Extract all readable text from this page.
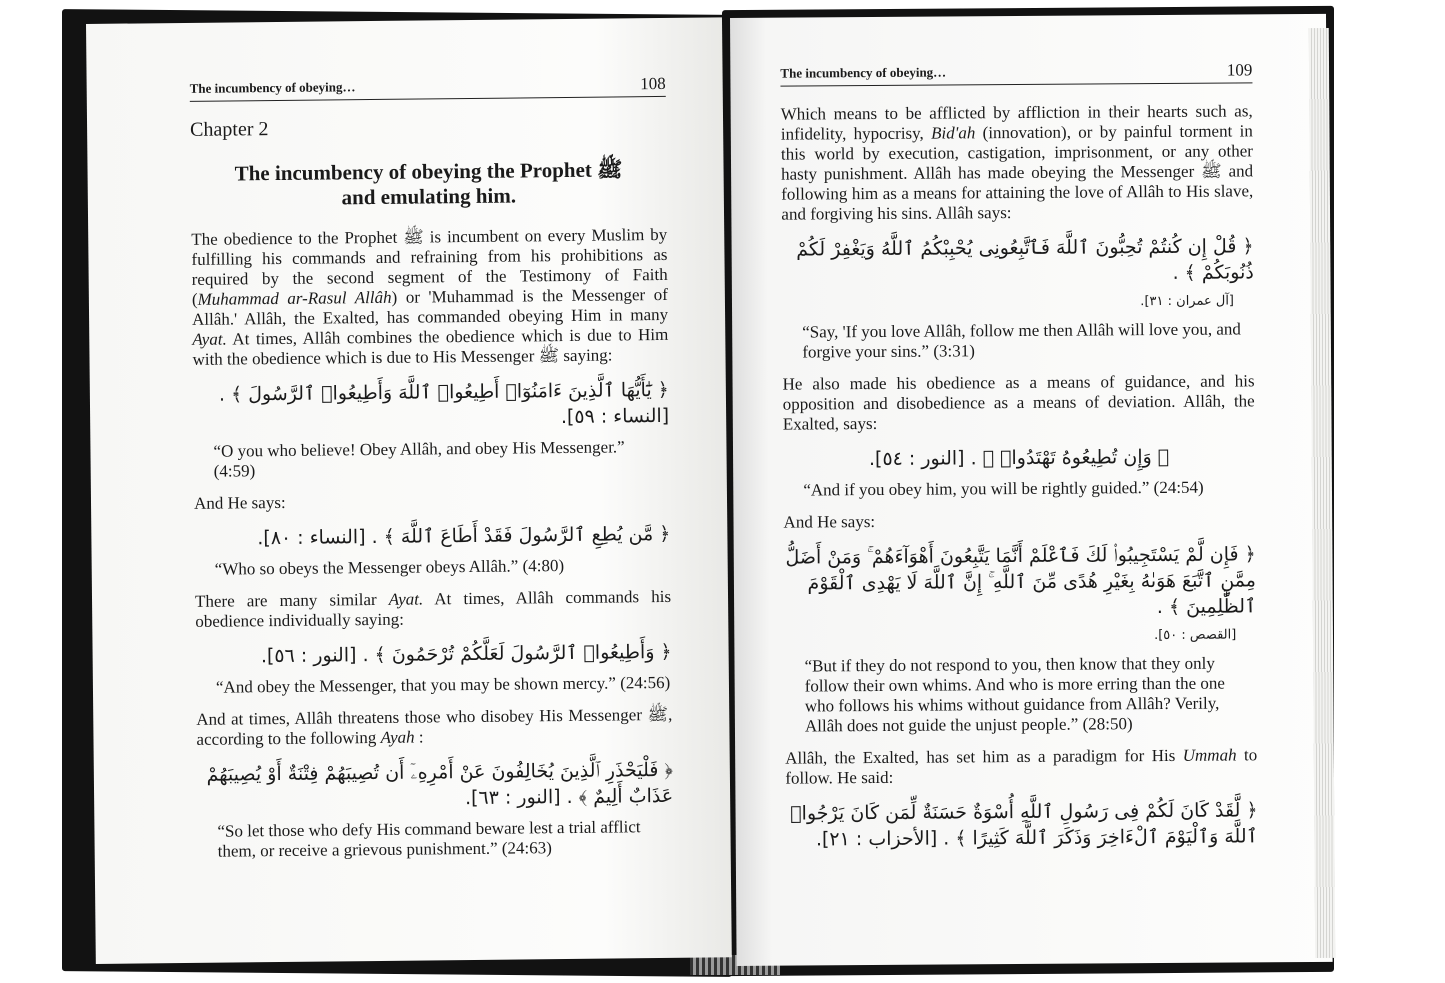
The incumbency of obeying…	108
Chapter 2
The incumbency of obeying the Prophet ﷺ
and emulating him.

The obedience to the Prophet ﷺ is incumbent on every Muslim by fulfilling his commands and refraining from his prohibitions as required by the second segment of the Testimony of Faith (Muhammad ar-Rasul Allâh) or 'Muhammad is the Messenger of Allâh.' Allâh, the Exalted, has commanded obeying Him in many Ayat. At times, Allâh combines the obedience which is due to Him with the obedience which is due to His Messenger ﷺ saying:

﴿ يَٰٓأَيُّهَا ٱلَّذِينَ ءَامَنُوٓا۟ أَطِيعُوا۟ ٱللَّهَ وَأَطِيعُوا۟ ٱلرَّسُولَ ﴾ . [النساء : ٥٩].

“O you who believe! Obey Allâh, and obey His Messenger.” (4:59)

And He says:

﴿ مَّن يُطِعِ ٱلرَّسُولَ فَقَدْ أَطَاعَ ٱللَّهَ ﴾ . [النساء : ٨٠].

“Who so obeys the Messenger obeys Allâh.” (4:80)

There are many similar Ayat. At times, Allâh commands his obedience individually saying:

﴿ وَأَطِيعُوا۟ ٱلرَّسُولَ لَعَلَّكُمْ تُرْحَمُونَ ﴾ . [النور : ٥٦].

“And obey the Messenger, that you may be shown mercy.” (24:56)

And at times, Allâh threatens those who disobey His Messenger ﷺ, according to the following Ayah :

﴿ فَلْيَحْذَرِ ٱلَّذِينَ يُخَالِفُونَ عَنْ أَمْرِهِۦٓ أَن تُصِيبَهُمْ فِتْنَةٌ أَوْ يُصِيبَهُمْ عَذَابٌ أَلِيمٌ ﴾ . [النور : ٦٣].

“So let those who defy His command beware lest a trial afflict them, or receive a grievous punishment.” (24:63)

The incumbency of obeying…	109

Which means to be afflicted by affliction in their hearts such as, infidelity, hypocrisy, Bid'ah (innovation), or by painful torment in this world by execution, castigation, imprisonment, or any other hasty punishment. Allâh has made obeying the Messenger ﷺ and following him as a means for attaining the love of Allâh to His slave, and forgiving his sins. Allâh says:

﴿ قُلْ إِن كُنتُمْ تُحِبُّونَ ٱللَّهَ فَٱتَّبِعُونِى يُحْبِبْكُمُ ٱللَّهُ وَيَغْفِرْ لَكُمْ ذُنُوبَكُمْ ﴾ .
[آل عمران : ٣١].

“Say, 'If you love Allâh, follow me then Allâh will love you, and forgive your sins.” (3:31)

He also made his obedience as a means of guidance, and his opposition and disobedience as a means of deviation. Allâh, the Exalted, says:

﴿ وَإِن تُطِيعُوهُ تَهْتَدُوا۟ ﴾ . [النور : ٥٤].

“And if you obey him, you will be rightly guided.” (24:54)

And He says:

﴿ فَإِن لَّمْ يَسْتَجِيبُوا۟ لَكَ فَٱعْلَمْ أَنَّمَا يَتَّبِعُونَ أَهْوَآءَهُمْ ۚ وَمَنْ أَضَلُّ مِمَّنِ ٱتَّبَعَ هَوَىٰهُ بِغَيْرِ هُدًى مِّنَ ٱللَّهِ ۚ إِنَّ ٱللَّهَ لَا يَهْدِى ٱلْقَوْمَ ٱلظَّٰلِمِينَ ﴾ .
[القصص : ٥٠].

“But if they do not respond to you, then know that they only follow their own whims. And who is more erring than the one who follows his whims without guidance from Allâh? Verily, Allâh does not guide the unjust people.” (28:50)

Allâh, the Exalted, has set him as a paradigm for His Ummah to follow. He said:

﴿ لَّقَدْ كَانَ لَكُمْ فِى رَسُولِ ٱللَّهِ أُسْوَةٌ حَسَنَةٌ لِّمَن كَانَ يَرْجُوا۟ ٱللَّهَ وَٱلْيَوْمَ ٱلْءَاخِرَ وَذَكَرَ ٱللَّهَ كَثِيرًا ﴾ . [الأحزاب : ٢١].
